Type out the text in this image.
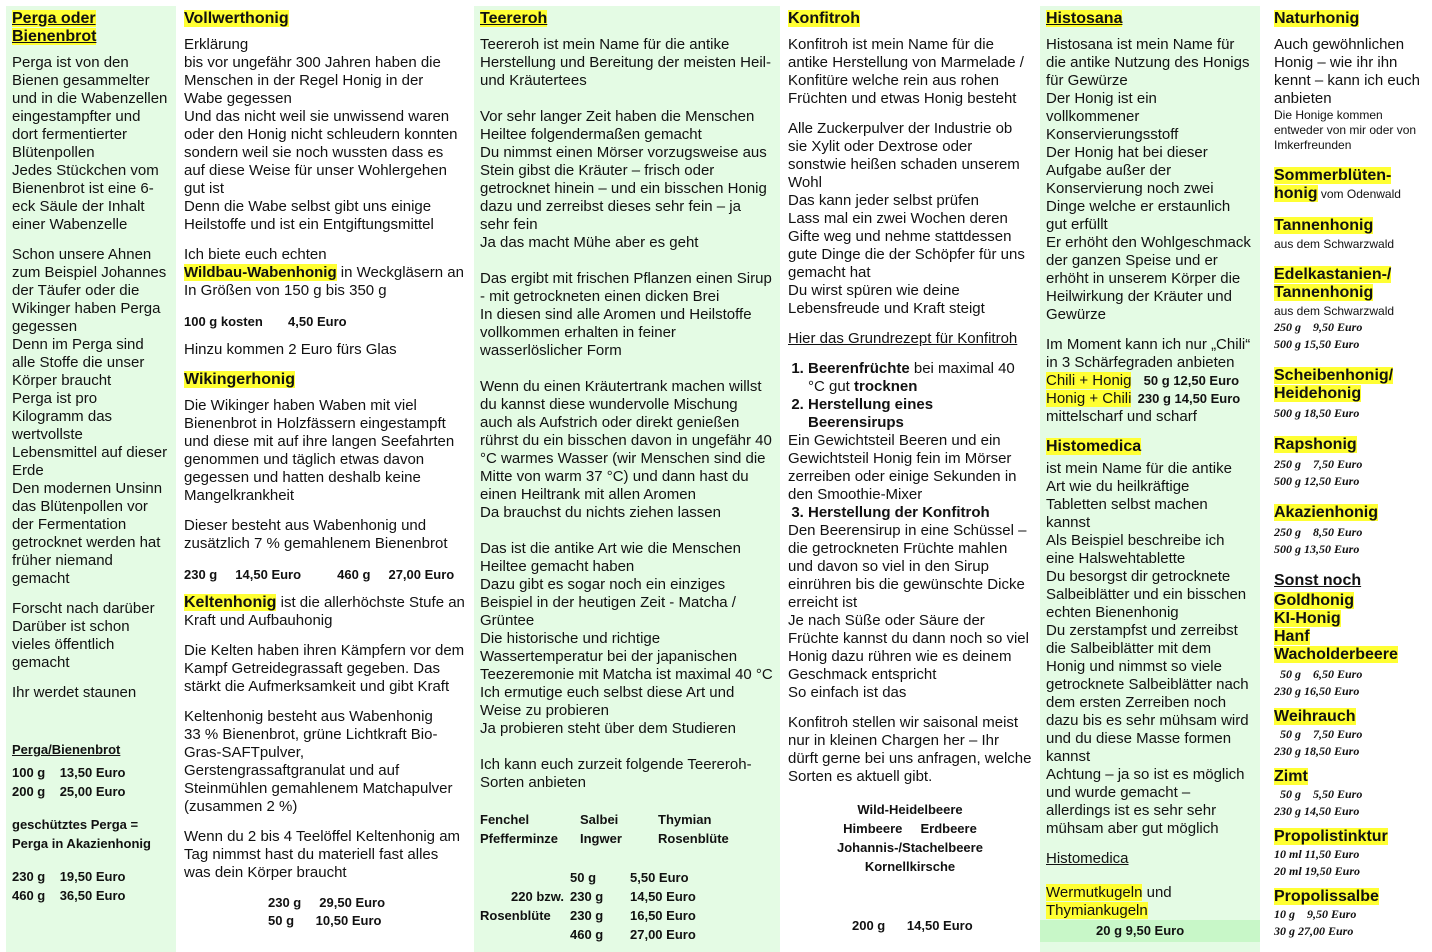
Perga oder Bienenbrot

Perga ist von den Bienen gesammelter und in die Wabenzellen eingestampfter und dort fermentierter Blütenpollen
Jedes Stückchen vom Bienenbrot ist eine 6-eck Säule der Inhalt einer Wabenzelle

Schon unsere Ahnen zum Beispiel Johannes der Täufer oder die Wikinger haben Perga gegessen
Denn im Perga sind alle Stoffe die unser Körper braucht
Perga ist pro Kilogramm das wertvollste Lebensmittel auf dieser Erde
Den modernen Unsinn das Blütenpollen vor der Fermentation getrocknet werden hat früher niemand gemacht

Forscht nach darüber
Darüber ist schon vieles öffentlich gemacht

Ihr werdet staunen

Perga/Bienenbrot
100 g    13,50 Euro
200 g    25,00 Euro
geschütztes Perga = Perga in Akazienhonig
230 g    19,50 Euro
460 g    36,50 Euro
Vollwerthonig

Erklärung
bis vor ungefähr 300 Jahren haben die Menschen in der Regel Honig in der Wabe gegessen
Und das nicht weil sie unwissend waren oder den Honig nicht schleudern konnten sondern weil sie noch wussten dass es auf diese Weise für unser Wohlergehen gut ist
Denn die Wabe selbst gibt uns einige Heilstoffe und ist ein Entgiftungsmittel

Ich biete euch echten
Wildbau-Wabenhonig in Weckgläsern an In Größen von 150 g bis 350 g

100 g kosten       4,50 Euro

Hinzu kommen 2 Euro fürs Glas

Wikingerhonig

Die Wikinger haben Waben mit viel Bienenbrot in Holzfässern eingestampft und diese mit auf ihre langen Seefahrten genommen und täglich etwas davon gegessen und hatten deshalb keine Mangelkrankheit

Dieser besteht aus Wabenhonig und zusätzlich 7 % gemahlenem Bienenbrot

230 g     14,50 Euro          460 g     27,00 Euro

Keltenhonig ist die allerhöchste Stufe an Kraft und Aufbauhonig

Die Kelten haben ihren Kämpfern vor dem Kampf Getreidegrassaft gegeben. Das stärkt die Aufmerksamkeit und gibt Kraft

Keltenhonig besteht aus Wabenhonig
33 % Bienenbrot, grüne Lichtkraft Bio-Gras-SAFTpulver,
Gerstengrassaftgranulat und auf Steinmühlen gemahlenem Matchapulver (zusammen 2 %)

Wenn du 2 bis 4 Teelöffel Keltenhonig am Tag nimmst hast du materiell fast alles was dein Körper braucht

230 g     29,50 Euro
50 g      10,50 Euro
Teereroh

Teereroh ist mein Name für die antike Herstellung und Bereitung der meisten Heil- und Kräutertees

Vor sehr langer Zeit haben die Menschen Heiltee folgendermaßen gemacht
Du nimmst einen Mörser vorzugsweise aus Stein gibst die Kräuter – frisch oder getrocknet hinein – und ein bisschen Honig dazu und zerreibst dieses sehr fein – ja sehr fein
Ja das macht Mühe aber es geht

Das ergibt mit frischen Pflanzen einen Sirup - mit getrockneten einen dicken Brei
In diesen sind alle Aromen und Heilstoffe vollkommen erhalten in feiner wasserlöslicher Form

Wenn du einen Kräutertrank machen willst du kannst diese wundervolle Mischung auch als Aufstrich oder direkt genießen rührst du ein bisschen davon in ungefähr 40 °C warmes Wasser (wir Menschen sind die Mitte von warm 37 °C) und dann hast du einen Heiltrank mit allen Aromen
Da brauchst du nichts ziehen lassen

Das ist die antike Art wie die Menschen Heiltee gemacht haben
Dazu gibt es sogar noch ein einziges Beispiel in der heutigen Zeit - Matcha / Grüntee
Die historische und richtige Wassertemperatur bei der japanischen Teezeremonie mit Matcha ist maximal 40 °C
Ich ermutige euch selbst diese Art und Weise zu probieren
Ja probieren steht über dem Studieren

Ich kann euch zurzeit folgende Teereroh-Sorten anbieten

Fenchel	Salbei	Thymian
Pfefferminze	Ingwer	Rosenblüte
50 g	5,50 Euro
220 bzw. 230 g	14,50 Euro
Rosenblüte	230 g	16,50 Euro
460 g	27,00 Euro
Konfitroh

Konfitroh ist mein Name für die antike Herstellung von Marmelade / Konfitüre welche rein aus rohen Früchten und etwas Honig besteht

Alle Zuckerpulver der Industrie ob sie Xylit oder Dextrose oder sonstwie heißen schaden unserem Wohl
Das kann jeder selbst prüfen
Lass mal ein zwei Wochen deren Gifte weg und nehme stattdessen gute Dinge die der Schöpfer für uns gemacht hat
Du wirst spüren wie deine Lebensfreude und Kraft steigt

Hier das Grundrezept für Konfitroh

1. Beerenfrüchte bei maximal 40 °C gut trocknen
2. Herstellung eines Beerensirups

Ein Gewichtsteil Beeren und ein Gewichtsteil Honig fein im Mörser zerreiben oder einige Sekunden in den Smoothie-Mixer

3. Herstellung der Konfitroh

Den Beerensirup in eine Schüssel – die getrockneten Früchte mahlen und davon so viel in den Sirup einrühren bis die gewünschte Dicke erreicht ist
Je nach Süße oder Säure der Früchte kannst du dann noch so viel Honig dazu rühren wie es deinem Geschmack entspricht
So einfach ist das

Konfitroh stellen wir saisonal meist nur in kleinen Chargen her – Ihr dürft gerne bei uns anfragen, welche Sorten es aktuell gibt.

Wild-Heidelbeere
Himbeere     Erdbeere
Johannis-/Stachelbeere
Kornellkirsche
200 g      14,50 Euro
Histosana

Histosana ist mein Name für die antike Nutzung des Honigs für Gewürze
Der Honig ist ein vollkommener Konservierungsstoff
Der Honig hat bei dieser Aufgabe außer der Konservierung noch zwei Dinge welche er erstaunlich gut erfüllt
Er erhöht den Wohlgeschmack der ganzen Speise und er erhöht in unserem Körper die Heilwirkung der Kräuter und Gewürze

Im Moment kann ich nur „Chili“ in 3 Schärfegraden anbieten

Chili + Honig 50 g 12,50 Euro
Honig + Chili 230 g 14,50 Euro

mittelscharf und scharf

Histomedica

ist mein Name für die antike Art wie du heilkräftige Tabletten selbst machen kannst
Als Beispiel beschreibe ich eine Halswehtablette
Du besorgst dir getrocknete Salbeiblätter und ein bisschen echten Bienenhonig
Du zerstampfst und zerreibst die Salbeiblätter mit dem Honig und nimmst so viele getrocknete Salbeiblätter nach dem ersten Zerreiben noch dazu bis es sehr mühsam wird und du diese Masse formen kannst
Achtung – ja so ist es möglich und wurde gemacht – allerdings ist es sehr sehr mühsam aber gut möglich

Histomedica

Wermutkugeln und
Thymiankugeln
20 g 9,50 Euro
Naturhonig
Auch gewöhnlichen Honig – wie ihr ihn kennt – kann ich euch anbieten
Die Honige kommen entweder von mir oder von Imkerfreunden
Sommerblüten-honig vom Odenwald
Tannenhonig
aus dem Schwarzwald
Edelkastanien-/ Tannenhonig
aus dem Schwarzwald
250 g    9,50 Euro
500 g 15,50 Euro
Scheibenhonig/ Heidehonig
500 g 18,50 Euro
Rapshonig
250 g    7,50 Euro
500 g 12,50 Euro
Akazienhonig
250 g    8,50 Euro
500 g 13,50 Euro
Sonst noch
Goldhonig
KI-Honig
Hanf
Wacholderbeere
50 g    6,50 Euro
230 g 16,50 Euro
Weihrauch
50 g    7,50 Euro
230 g 18,50 Euro
Zimt
50 g    5,50 Euro
230 g 14,50 Euro
Propolistinktur
10 ml 11,50 Euro
20 ml 19,50 Euro
Propolissalbe
10 g    9,50 Euro
30 g 27,00 Euro
